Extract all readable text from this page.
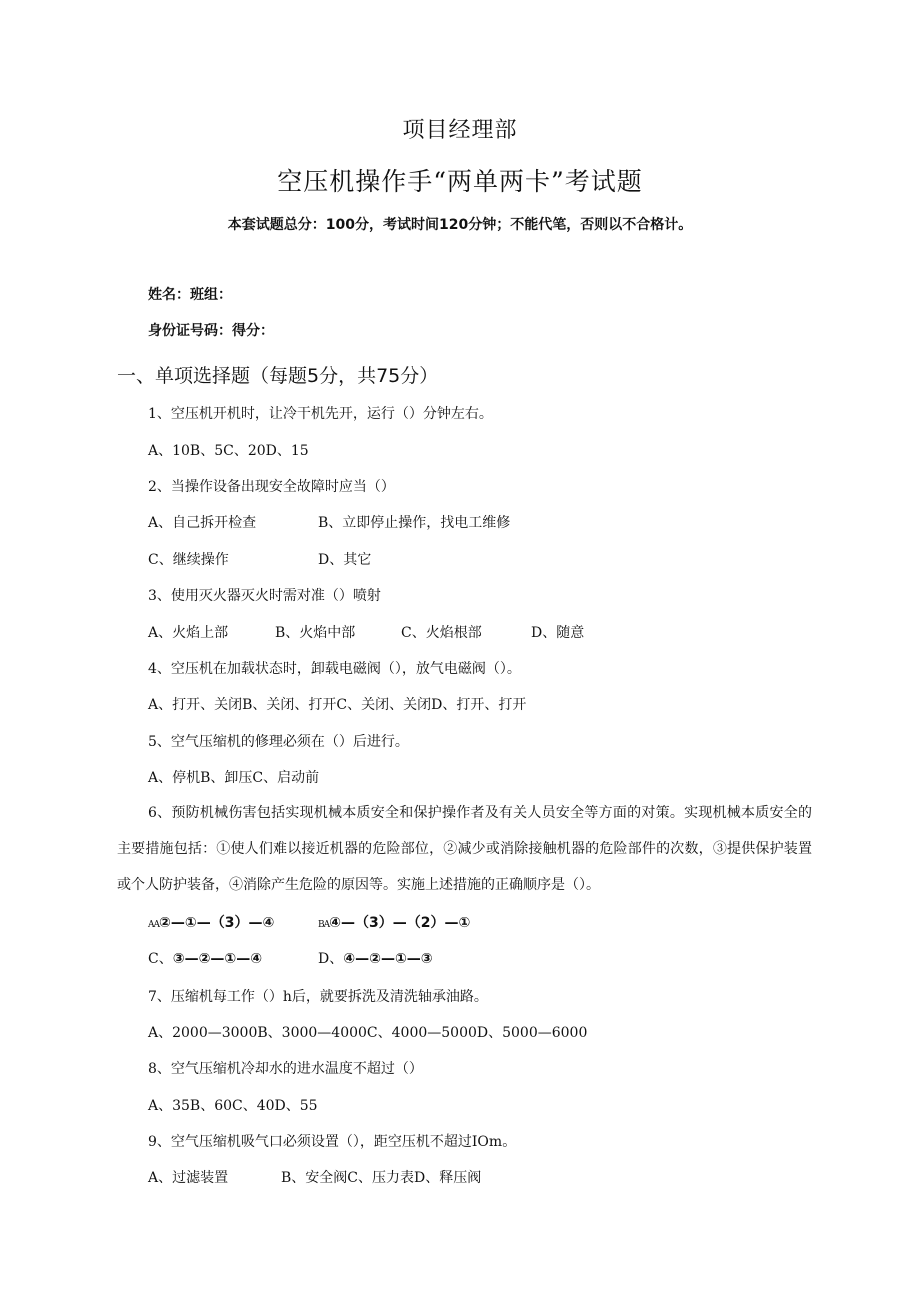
项目经理部
空压机操作手“两单两卡”考试题
本套试题总分：100分，考试时间120分钟；不能代笔，否则以不合格计。
姓名：班组：
身份证号码：得分：
一、单项选择题（每题5分，共75分）
1、空压机开机时，让冷干机先开，运行（）分钟左右。
A、10B、5C、20D、15
2、当操作设备出现安全故障时应当（）
A、自己拆开检查	B、立即停止操作，找电工维修
C、继续操作	D、其它
3、使用灭火器灭火时需对准（）喷射
A、火焰上部	B、火焰中部	C、火焰根部	D、随意
4、空压机在加载状态时，卸载电磁阀（），放气电磁阀（）。
A、打开、关闭B、关闭、打开C、关闭、关闭D、打开、打开
5、空气压缩机的修理必须在（）后进行。
A、停机B、卸压C、启动前
6、预防机械伤害包括实现机械本质安全和保护操作者及有关人员安全等方面的对策。实现机械本质安全的主要措施包括：①使人们难以接近机器的危险部位，②减少或消除接触机器的危险部件的次数，③提供保护装置或个人防护装备，④消除产生危险的原因等。实施上述措施的正确顺序是（）。
AA②—①—（3）—④	BA④—（3）—（2）—①
C、③—②—①—④	D、④—②—①—③
7、压缩机每工作（）h后，就要拆洗及清洗轴承油路。
A、2000—3000B、3000—4000C、4000—5000D、5000—6000
8、空气压缩机冷却水的进水温度不超过（）
A、35B、60C、40D、55
9、空气压缩机吸气口必须设置（），距空压机不超过IOm。
A、过滤装置	B、安全阀C、压力表D、释压阀
